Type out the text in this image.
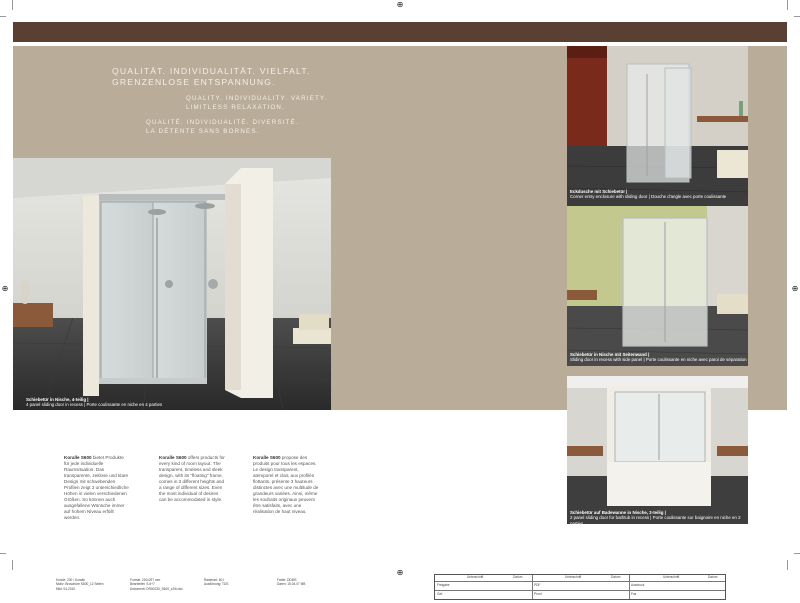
⊕
⊕	⊕
⊕
QUALITÄT. INDIVIDUALITÄT. VIELFALT.
GRENZENLOSE ENTSPANNUNG.
QUALITY. INDIVIDUALITY. VARIETY.
LIMITLESS RELAXATION.
QUALITÉ. INDIVIDUALITÉ. DIVERSITÉ.
LA DÉTENTE SANS BORNES.
Schiebetür in Nische, 4-teilig |
4 panel sliding door in recess | Porte coulissante en niche en 4 parties
Eckdusche mit Schiebetür |
Corner entry enclosure with sliding door | Douche d'angle avec porte coulissante
Schiebetür in Nische mit Seitenwand |
Sliding door in recess with side panel | Porte coulissante en niche avec paroi de séparation
Schiebetür auf Badewanne in Nische, 2-teilig |
2 panel sliding door for bathtub in recess | Porte coulissante sur baignoire en niche en 2 parties
Koralle S600 bietet Produkte für jede individuelle Raumsituation. Das transparente, zeitlose und klare Design mit schwebenden Profilen zeigt 3 unterschiedliche Höhen in vielen verschiedenen Größen. So können auch ausgefallene Wünsche immer auf hohem Niveau erfüllt werden.
Koralle S600 offers products for every kind of room layout. The transparent, timeless and sleek design, with its "floating" frame, comes in 3 different heights and a range of different sizes. Even the most individual of desires can be accommodated in style.
Koralle S600 propose des produits pour tous les espaces. Le design transparent, atemporel et clair, aux profilés flottants, présente 3 hauteurs distinctes avec une multitude de grandeurs variées. Ainsi, même les souhaits originaux peuvent être satisfaits, avec une réalisation de haut niveau.
Kunde: 230 / Koralle
Motiv: Broschüre S600_12 Seiten
Mikl: 04-2010
Format: 210x297 mm
Bearbeitet: S.6+7
Dokument: DR00230_S600_v2/6.ddc
Rasterart: 60 l
Ausführung: TDS
Farbe: DDMS
Daten: 15.04.07 MB
Unterschrift	Datum	Unterschrift	Datum	Unterschrift	Datum
Freigabe	PDF	Ausdruck
Gef.	Proof	Fax
